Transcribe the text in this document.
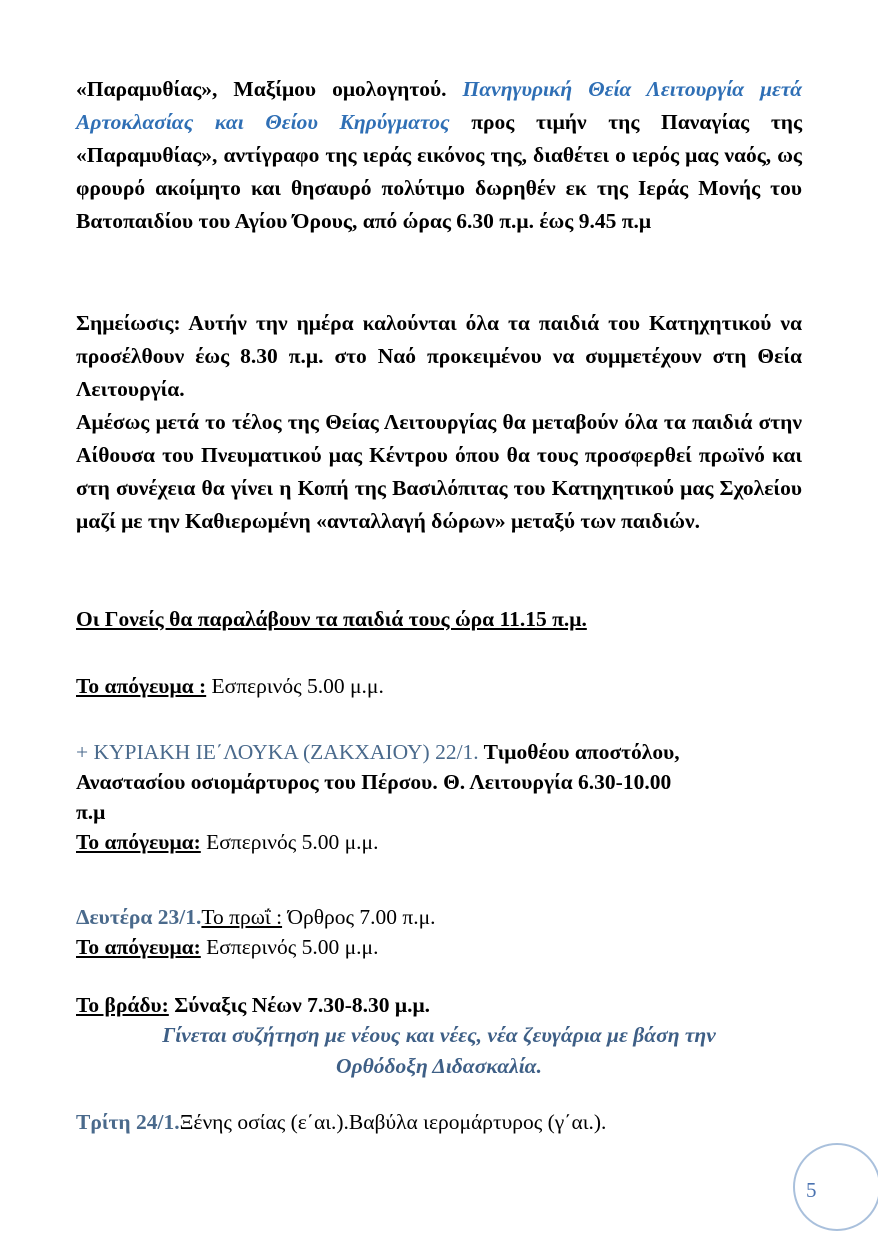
«Παραμυθίας», Μαξίμου ομολογητού. Πανηγυρική Θεία Λειτουργία μετά Αρτοκλασίας και Θείου Κηρύγματος προς τιμήν της Παναγίας της «Παραμυθίας», αντίγραφο της ιεράς εικόνος της, διαθέτει ο ιερός μας ναός, ως φρουρό ακοίμητο και θησαυρό πολύτιμο δωρηθέν εκ της Ιεράς Μονής του Βατοπαιδίου του Αγίου Όρους, από ώρας 6.30 π.μ. έως 9.45 π.μ
Σημείωσις: Αυτήν την ημέρα καλούνται όλα τα παιδιά του Κατηχητικού να προσέλθουν έως 8.30 π.μ. στο Ναό προκειμένου να συμμετέχουν στη Θεία Λειτουργία.
Αμέσως μετά το τέλος της Θείας Λειτουργίας θα μεταβούν όλα τα παιδιά στην Αίθουσα του Πνευματικού μας Κέντρου όπου θα τους προσφερθεί πρωϊνό και στη συνέχεια θα γίνει η Κοπή της Βασιλόπιτας του Κατηχητικού μας Σχολείου μαζί με την Καθιερωμένη «ανταλλαγή δώρων» μεταξύ των παιδιών.
Οι Γονείς θα παραλάβουν τα παιδιά τους ώρα 11.15 π.μ.
Το απόγευμα : Εσπερινός 5.00 μ.μ.
+ ΚΥΡΙΑΚΗ ΙΕ΄ΛΟΥΚΑ (ΖΑΚΧΑΙΟΥ) 22/1. Τιμοθέου αποστόλου,
Αναστασίου οσιομάρτυρος του Πέρσου. Θ. Λειτουργία 6.30-10.00
π.μ
Το απόγευμα: Εσπερινός 5.00 μ.μ.
Δευτέρα 23/1.Το πρωΐ : Όρθρος 7.00 π.μ.
Το απόγευμα: Εσπερινός 5.00 μ.μ.
Το βράδυ: Σύναξις Νέων 7.30-8.30 μ.μ.
Γίνεται συζήτηση με νέους και νέες, νέα ζευγάρια με βάση την
Ορθόδοξη Διδασκαλία.
Τρίτη 24/1.Ξένης οσίας (ε΄αι.).Βαβύλα ιερομάρτυρος (γ΄αι.).
5
